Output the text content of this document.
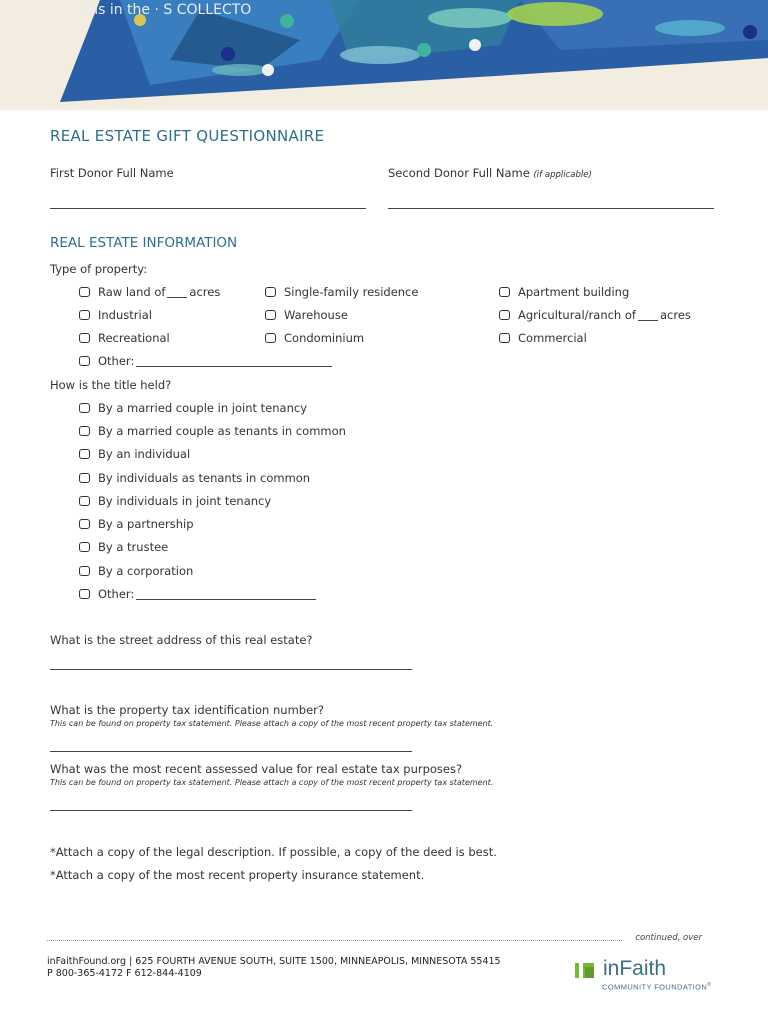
r is in the · S COLLECTO
REAL ESTATE GIFT QUESTIONNAIRE
First Donor Full Name	Second Donor Full Name (if applicable)
REAL ESTATE INFORMATION
Type of property:
Raw land of acres	Single-family residence	Apartment building
Industrial	Warehouse	Agricultural/ranch of acres
Recreational	Condominium	Commercial
Other:
How is the title held?
By a married couple in joint tenancy
By a married couple as tenants in common
By an individual
By individuals as tenants in common
By individuals in joint tenancy
By a partnership
By a trustee
By a corporation
Other:
What is the street address of this real estate?
What is the property tax identification number?
This can be found on property tax statement. Please attach a copy of the most recent property tax statement.
What was the most recent assessed value for real estate tax purposes?
This can be found on property tax statement. Please attach a copy of the most recent property tax statement.
*Attach a copy of the legal description. If possible, a copy of the deed is best.
*Attach a copy of the most recent property insurance statement.
continued, over
inFaithFound.org | 625 FOURTH AVENUE SOUTH, SUITE 1500, MINNEAPOLIS, MINNESOTA 55415
P 800-365-4172 F 612-844-4109	inFaith
COMMUNITY FOUNDATION®
